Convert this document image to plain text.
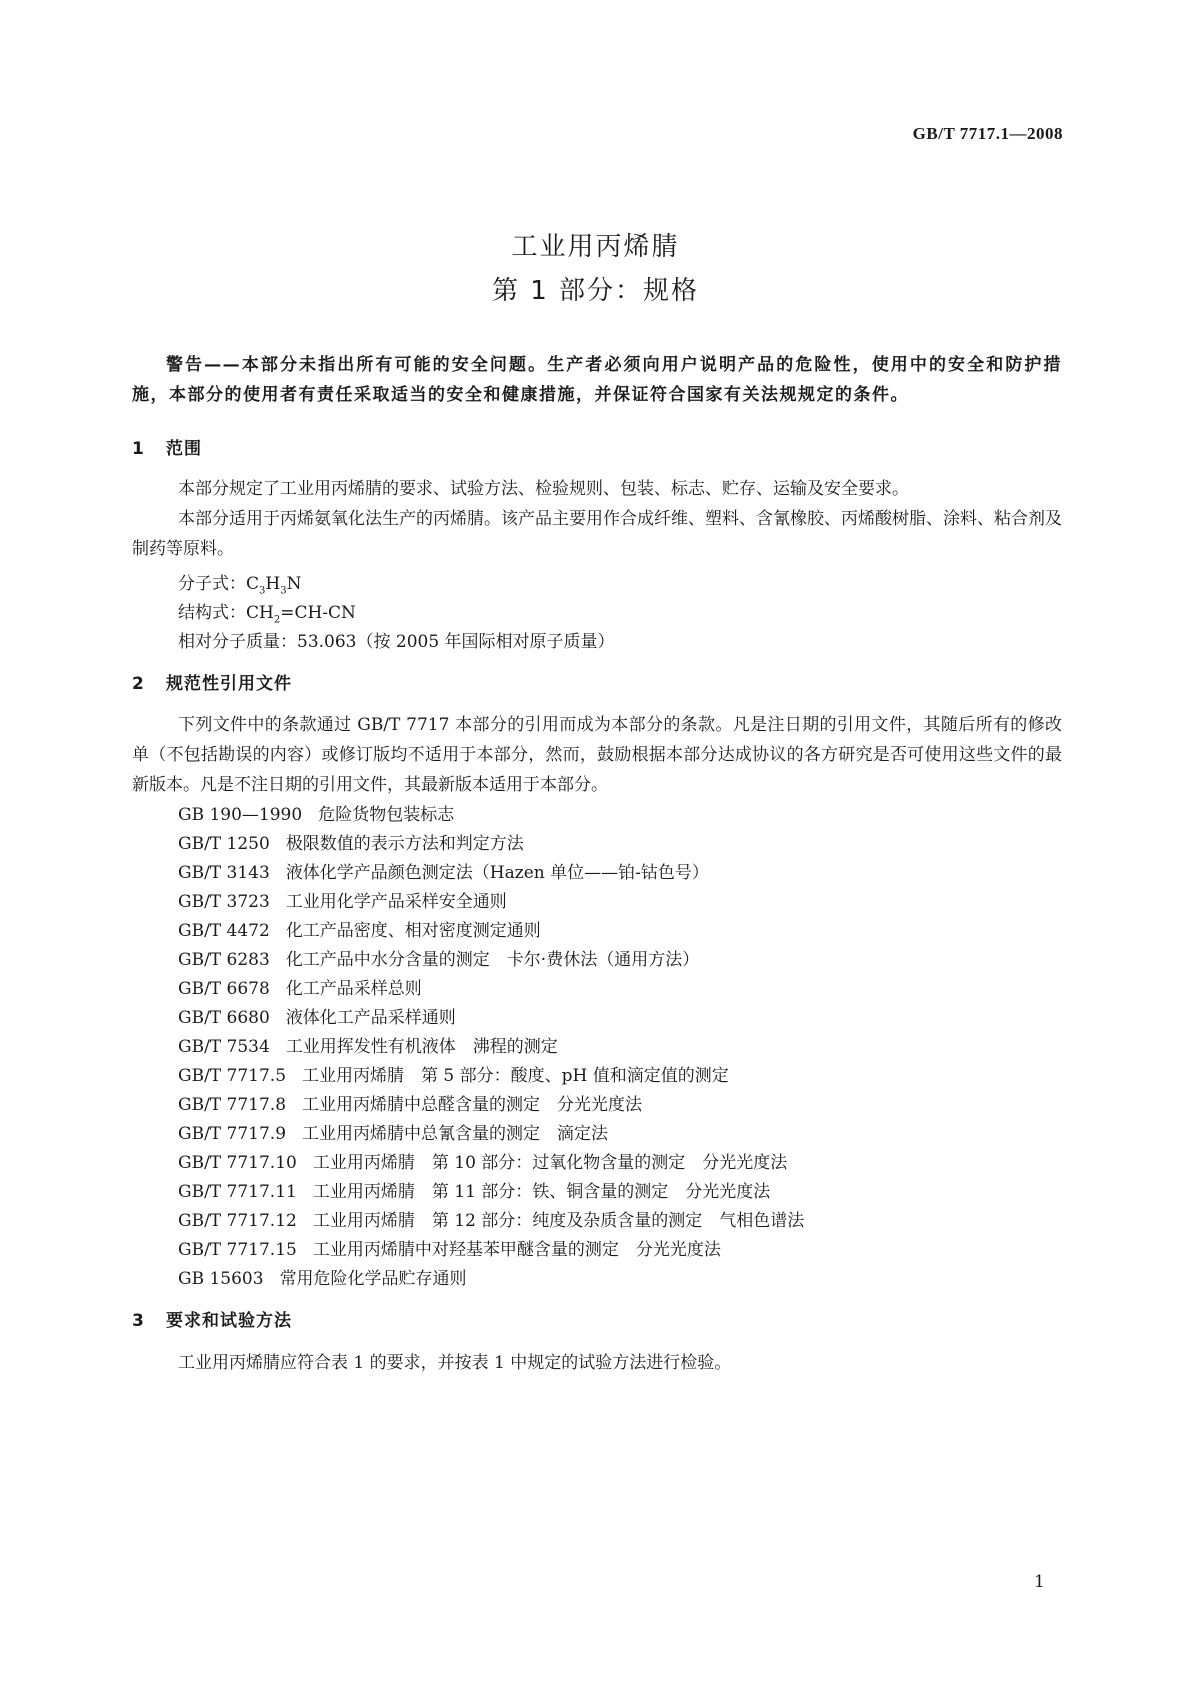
GB/T 7717.1—2008
工业用丙烯腈
第 1 部分：规格
警告——本部分未指出所有可能的安全问题。生产者必须向用户说明产品的危险性，使用中的安全和防护措施，本部分的使用者有责任采取适当的安全和健康措施，并保证符合国家有关法规规定的条件。
1 范围
本部分规定了工业用丙烯腈的要求、试验方法、检验规则、包装、标志、贮存、运输及安全要求。
本部分适用于丙烯氨氧化法生产的丙烯腈。该产品主要用作合成纤维、塑料、含氰橡胶、丙烯酸树脂、涂料、粘合剂及制药等原料。
分子式：$C_3H_3N$
结构式：$CH_2=CH-CN$
相对分子质量：53.063（按 2005 年国际相对原子质量）
2 规范性引用文件
下列文件中的条款通过 GB/T 7717 本部分的引用而成为本部分的条款。凡是注日期的引用文件，其随后所有的修改单（不包括勘误的内容）或修订版均不适用于本部分，然而，鼓励根据本部分达成协议的各方研究是否可使用这些文件的最新版本。凡是不注日期的引用文件，其最新版本适用于本部分。
GB 190—1990 危险货物包装标志
GB/T 1250 极限数值的表示方法和判定方法
GB/T 3143 液体化学产品颜色测定法（Hazen 单位——铂-钴色号）
GB/T 3723 工业用化学产品采样安全通则
GB/T 4472 化工产品密度、相对密度测定通则
GB/T 6283 化工产品中水分含量的测定　卡尔·费休法（通用方法）
GB/T 6678 化工产品采样总则
GB/T 6680 液体化工产品采样通则
GB/T 7534 工业用挥发性有机液体　沸程的测定
GB/T 7717.5 工业用丙烯腈　第 5 部分：酸度、pH 值和滴定值的测定
GB/T 7717.8 工业用丙烯腈中总醛含量的测定　分光光度法
GB/T 7717.9 工业用丙烯腈中总氰含量的测定　滴定法
GB/T 7717.10 工业用丙烯腈　第 10 部分：过氧化物含量的测定　分光光度法
GB/T 7717.11 工业用丙烯腈　第 11 部分：铁、铜含量的测定　分光光度法
GB/T 7717.12 工业用丙烯腈　第 12 部分：纯度及杂质含量的测定　气相色谱法
GB/T 7717.15 工业用丙烯腈中对羟基苯甲醚含量的测定　分光光度法
GB 15603 常用危险化学品贮存通则
3 要求和试验方法
工业用丙烯腈应符合表 1 的要求，并按表 1 中规定的试验方法进行检验。
1
